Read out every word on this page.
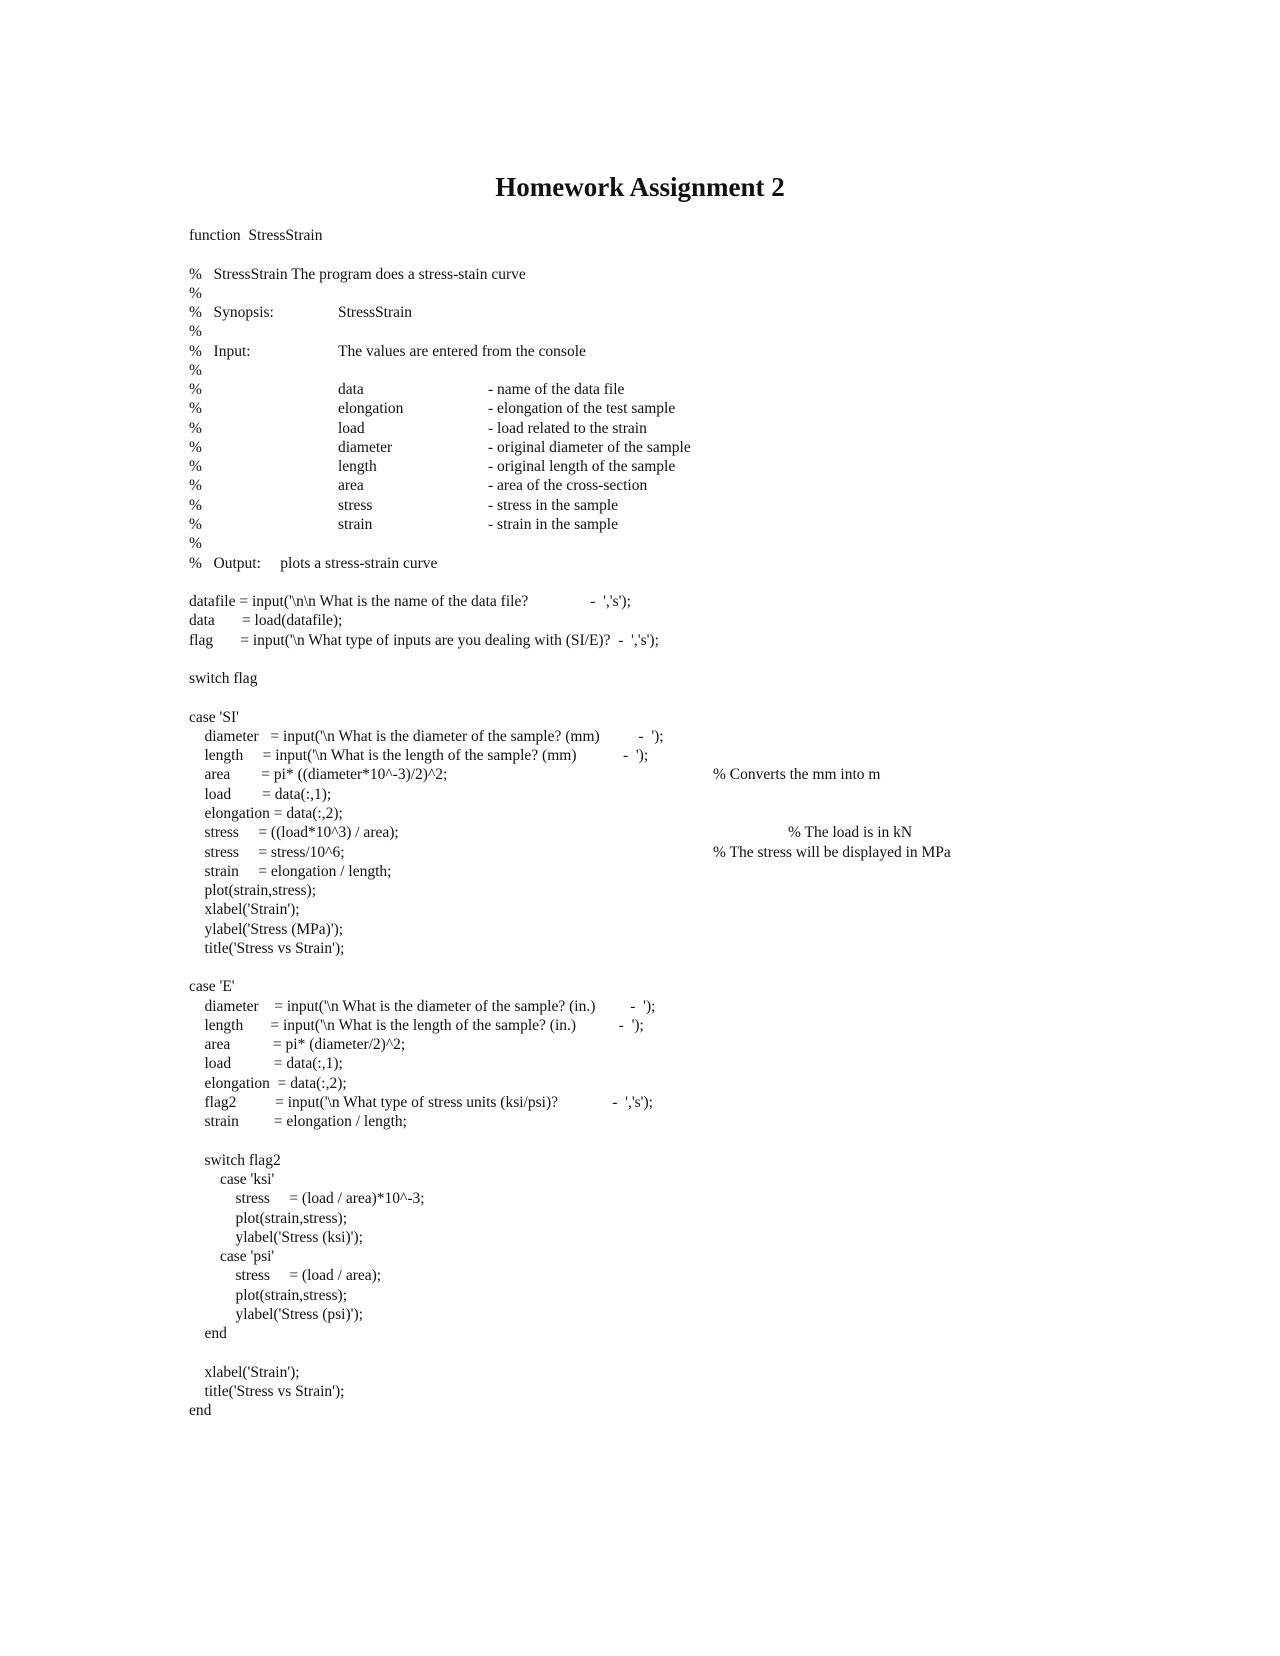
Homework Assignment 2
function  StressStrain
%   StressStrain The program does a stress-stain curve
%
%   Synopsis:	StressStrain
%
%   Input:	The values are entered from the console
%
%	data	- name of the data file
%	elongation	- elongation of the test sample
%	load	- load related to the strain
%	diameter	- original diameter of the sample
%	length	- original length of the sample
%	area	- area of the cross-section
%	stress	- stress in the sample
%	strain	- strain in the sample
%
%   Output:     plots a stress-strain curve
datafile = input('\n\n What is the name of the data file?                -  ','s');
data       = load(datafile);
flag       = input('\n What type of inputs are you dealing with (SI/E)?  -  ','s');
switch flag
case 'SI'
diameter   = input('\n What is the diameter of the sample? (mm)          -  ');
length     = input('\n What is the length of the sample? (mm)            -  ');
area        = pi* ((diameter*10^-3)/2)^2;	% Converts the mm into m
load        = data(:,1);
elongation = data(:,2);
stress     = ((load*10^3) / area);	% The load is in kN
stress     = stress/10^6;	% The stress will be displayed in MPa
strain     = elongation / length;
plot(strain,stress);
xlabel('Strain');
ylabel('Stress (MPa)');
title('Stress vs Strain');
case 'E'
diameter    = input('\n What is the diameter of the sample? (in.)         -  ');
length       = input('\n What is the length of the sample? (in.)           -  ');
area           = pi* (diameter/2)^2;
load           = data(:,1);
elongation  = data(:,2);
flag2          = input('\n What type of stress units (ksi/psi)?              -  ','s');
strain         = elongation / length;
switch flag2
case 'ksi'
stress     = (load / area)*10^-3;
plot(strain,stress);
ylabel('Stress (ksi)');
case 'psi'
stress     = (load / area);
plot(strain,stress);
ylabel('Stress (psi)');
end
xlabel('Strain');
title('Stress vs Strain');
end
